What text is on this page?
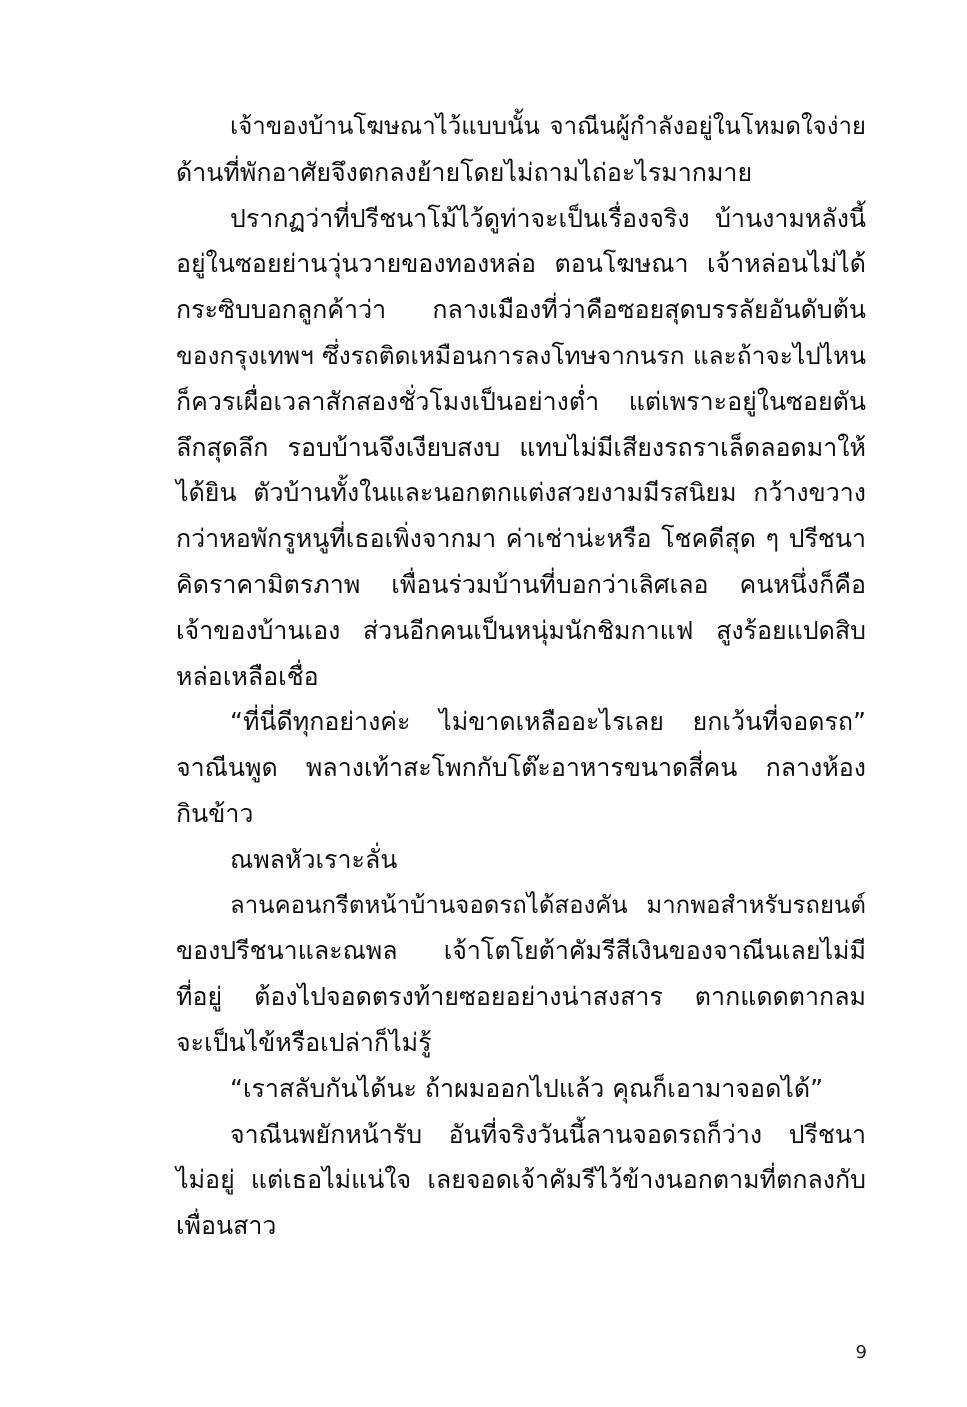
เจ้าของบ้านโฆษณาไว้แบบนั้น จาณีนผู้กำลังอยู่ในโหมดใจง่าย
ด้านที่พักอาศัยจึงตกลงย้ายโดยไม่ถามไถ่อะไรมากมาย
ปรากฏว่าที่ปรีชนาโม้ไว้ดูท่าจะเป็นเรื่องจริง บ้านงามหลังนี้
อยู่ในซอยย่านวุ่นวายของทองหล่อ ตอนโฆษณา เจ้าหล่อนไม่ได้
กระซิบบอกลูกค้าว่า กลางเมืองที่ว่าคือซอยสุดบรรลัยอันดับต้น
ของกรุงเทพฯ ซึ่งรถติดเหมือนการลงโทษจากนรก และถ้าจะไปไหน
ก็ควรเผื่อเวลาสักสองชั่วโมงเป็นอย่างต่ำ แต่เพราะอยู่ในซอยตัน
ลึกสุดลึก รอบบ้านจึงเงียบสงบ แทบไม่มีเสียงรถราเล็ดลอดมาให้
ได้ยิน ตัวบ้านทั้งในและนอกตกแต่งสวยงามมีรสนิยม กว้างขวาง
กว่าหอพักรูหนูที่เธอเพิ่งจากมา ค่าเช่าน่ะหรือ โชคดีสุด ๆ ปรีชนา
คิดราคามิตรภาพ เพื่อนร่วมบ้านที่บอกว่าเลิศเลอ คนหนึ่งก็คือ
เจ้าของบ้านเอง ส่วนอีกคนเป็นหนุ่มนักชิมกาแฟ สูงร้อยแปดสิบ
หล่อเหลือเชื่อ
“ที่นี่ดีทุกอย่างค่ะ ไม่ขาดเหลืออะไรเลย ยกเว้นที่จอดรถ”
จาณีนพูด พลางเท้าสะโพกกับโต๊ะอาหารขนาดสี่คน กลางห้อง
กินข้าว
ณพลหัวเราะลั่น
ลานคอนกรีตหน้าบ้านจอดรถได้สองคัน มากพอสำหรับรถยนต์
ของปรีชนาและณพล เจ้าโตโยต้าคัมรีสีเงินของจาณีนเลยไม่มี
ที่อยู่ ต้องไปจอดตรงท้ายซอยอย่างน่าสงสาร ตากแดดตากลม
จะเป็นไข้หรือเปล่าก็ไม่รู้
“เราสลับกันได้นะ ถ้าผมออกไปแล้ว คุณก็เอามาจอดได้”
จาณีนพยักหน้ารับ อันที่จริงวันนี้ลานจอดรถก็ว่าง ปรีชนา
ไม่อยู่ แต่เธอไม่แน่ใจ เลยจอดเจ้าคัมรีไว้ข้างนอกตามที่ตกลงกับ
เพื่อนสาว
9
